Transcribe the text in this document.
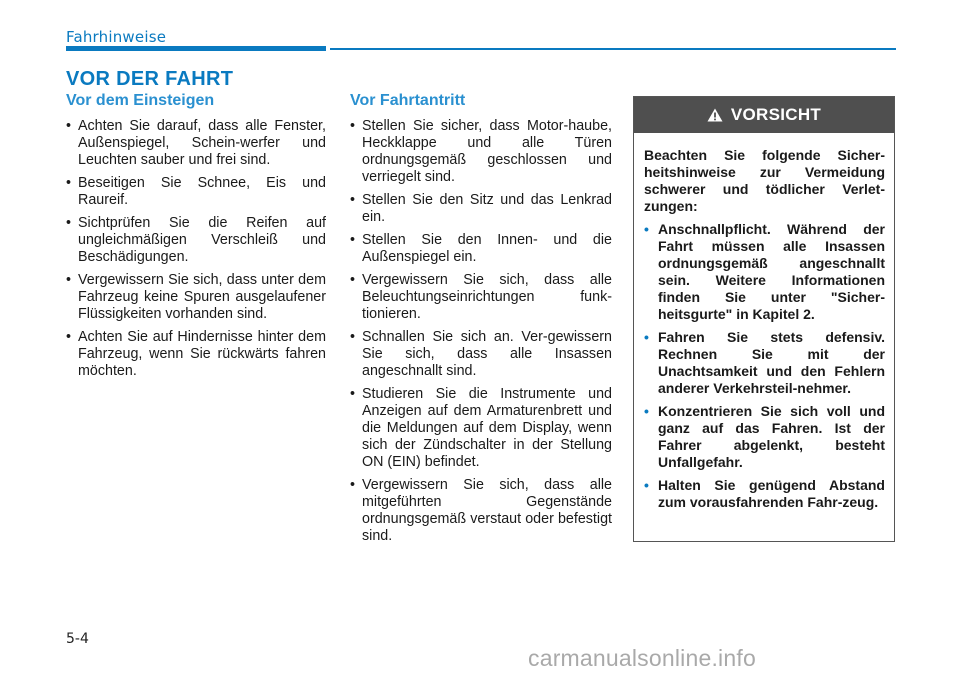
Fahrhinweise
VOR DER FAHRT
Vor dem Einsteigen
• Achten Sie darauf, dass alle Fenster, Außenspiegel, Schein-werfer und Leuchten sauber und frei sind.
• Beseitigen Sie Schnee, Eis und Raureif.
• Sichtprüfen Sie die Reifen auf ungleichmäßigen Verschleiß und Beschädigungen.
• Vergewissern Sie sich, dass unter dem Fahrzeug keine Spuren ausgelaufener Flüssigkeiten vorhanden sind.
• Achten Sie auf Hindernisse hinter dem Fahrzeug, wenn Sie rückwärts fahren möchten.
Vor Fahrtantritt
• Stellen Sie sicher, dass Motor-haube, Heckklappe und alle Türen ordnungsgemäß geschlossen und verriegelt sind.
• Stellen Sie den Sitz und das Lenkrad ein.
• Stellen Sie den Innen- und die Außenspiegel ein.
• Vergewissern Sie sich, dass alle Beleuchtungseinrichtungen funk-tionieren.
• Schnallen Sie sich an. Ver-gewissern Sie sich, dass alle Insassen angeschnallt sind.
• Studieren Sie die Instrumente und Anzeigen auf dem Armaturenbrett und die Meldungen auf dem Display, wenn sich der Zündschalter in der Stellung ON (EIN) befindet.
• Vergewissern Sie sich, dass alle mitgeführten Gegenstände ordnungsgemäß verstaut oder befestigt sind.
VORSICHT

Beachten Sie folgende Sicher-heitshinweise zur Vermeidung schwerer und tödlicher Verlet-zungen:

• Anschnallpflicht. Während der Fahrt müssen alle Insassen ordnungsgemäß angeschnallt sein. Weitere Informationen finden Sie unter "Sicher-heitsgurte" in Kapitel 2.
• Fahren Sie stets defensiv. Rechnen Sie mit der Unachtsamkeit und den Fehlern anderer Verkehrsteil-nehmer.
• Konzentrieren Sie sich voll und ganz auf das Fahren. Ist der Fahrer abgelenkt, besteht Unfallgefahr.
• Halten Sie genügend Abstand zum vorausfahrenden Fahr-zeug.
5-4
carmanualsonline.info
